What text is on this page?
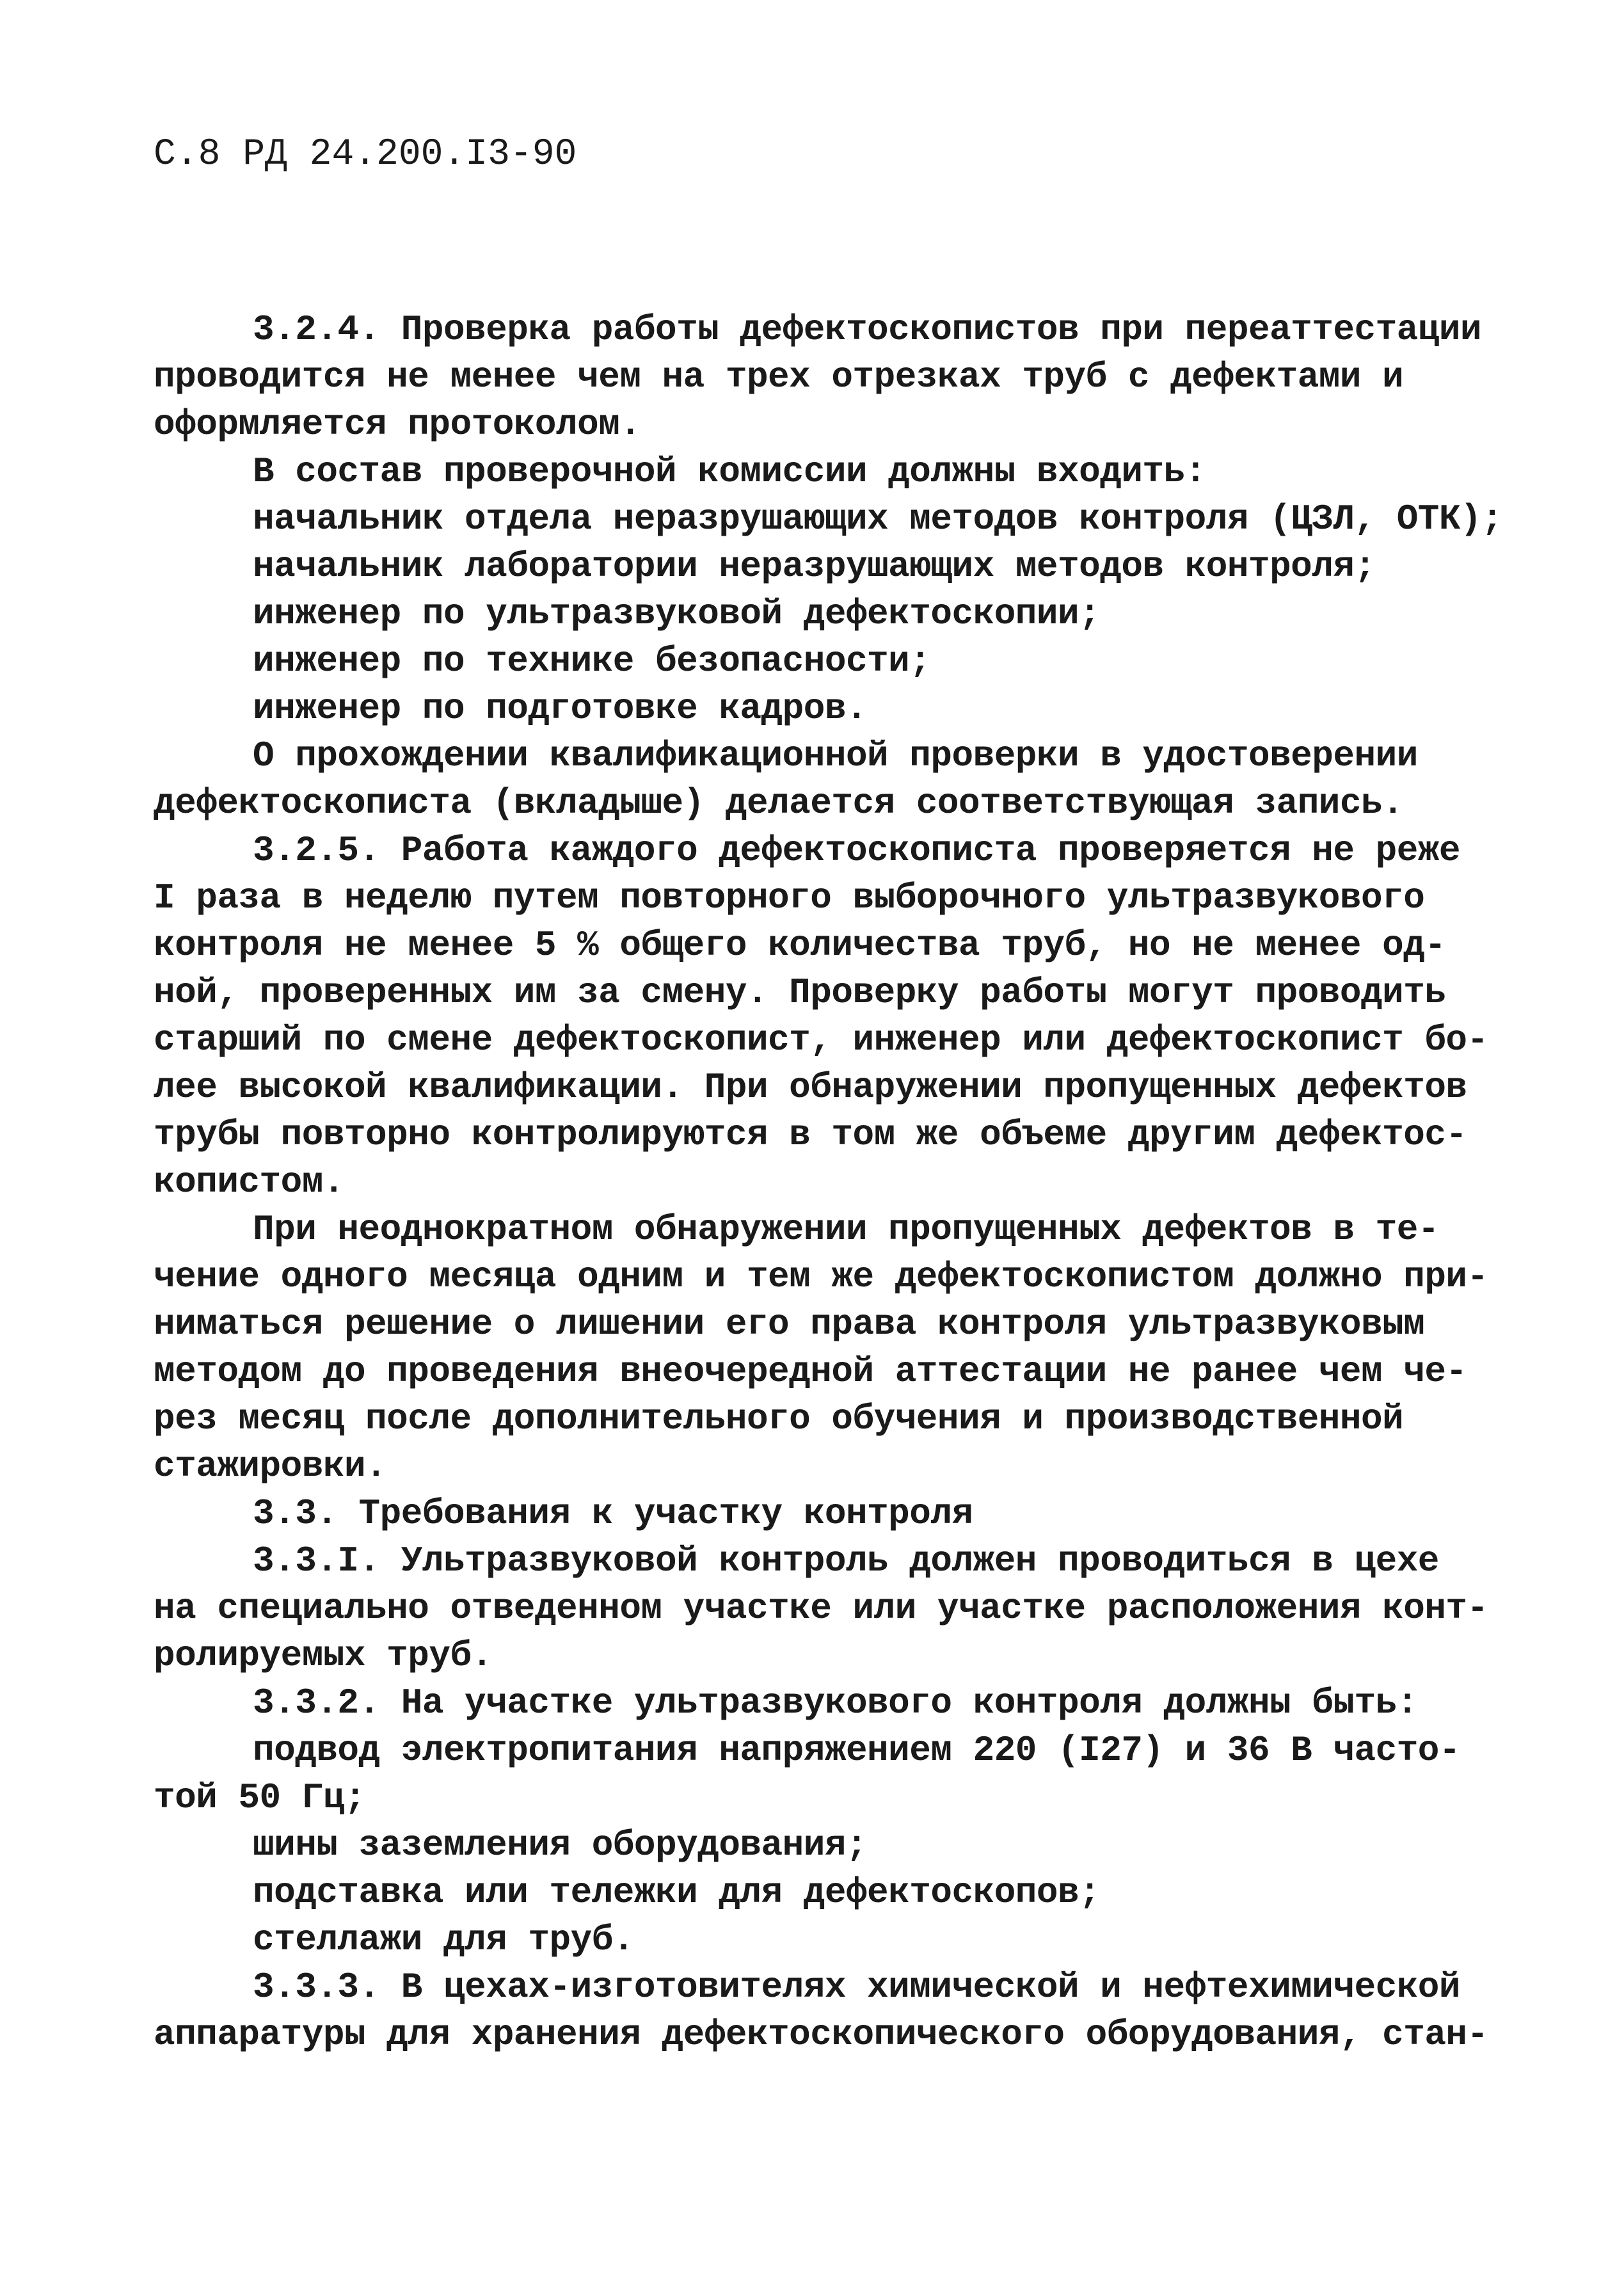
С.8 РД 24.200.I3-90
3.2.4. Проверка работы дефектоскопистов при переаттестации
проводится не менее чем на трех отрезках труб с дефектами и
оформляется протоколом.
В состав проверочной комиссии должны входить:
начальник отдела неразрушающих методов контроля (ЦЗЛ, ОТК);
начальник лаборатории неразрушающих методов контроля;
инженер по ультразвуковой дефектоскопии;
инженер по технике безопасности;
инженер по подготовке кадров.
О прохождении квалификационной проверки в удостоверении
дефектоскописта (вкладыше) делается соответствующая запись.
3.2.5. Работа каждого дефектоскописта проверяется не реже
I раза в неделю путем повторного выборочного ультразвукового
контроля не менее 5 % общего количества труб, но не менее од-
ной, проверенных им за смену. Проверку работы могут проводить
старший по смене дефектоскопист, инженер или дефектоскопист бо-
лее высокой квалификации. При обнаружении пропущенных дефектов
трубы повторно контролируются в том же объеме другим дефектос-
копистом.
При неоднократном обнаружении пропущенных дефектов в те-
чение одного месяца одним и тем же дефектоскопистом должно при-
ниматься решение о лишении его права контроля ультразвуковым
методом до проведения внеочередной аттестации не ранее чем че-
рез месяц после дополнительного обучения и производственной
стажировки.
3.3. Требования к участку контроля
3.3.I. Ультразвуковой контроль должен проводиться в цехе
на специально отведенном участке или участке расположения конт-
ролируемых труб.
3.3.2. На участке ультразвукового контроля должны быть:
подвод электропитания напряжением 220 (I27) и 36 В часто-
той 50 Гц;
шины заземления оборудования;
подставка или тележки для дефектоскопов;
стеллажи для труб.
3.3.3. В цехах-изготовителях химической и нефтехимической
аппаратуры для хранения дефектоскопического оборудования, стан-
